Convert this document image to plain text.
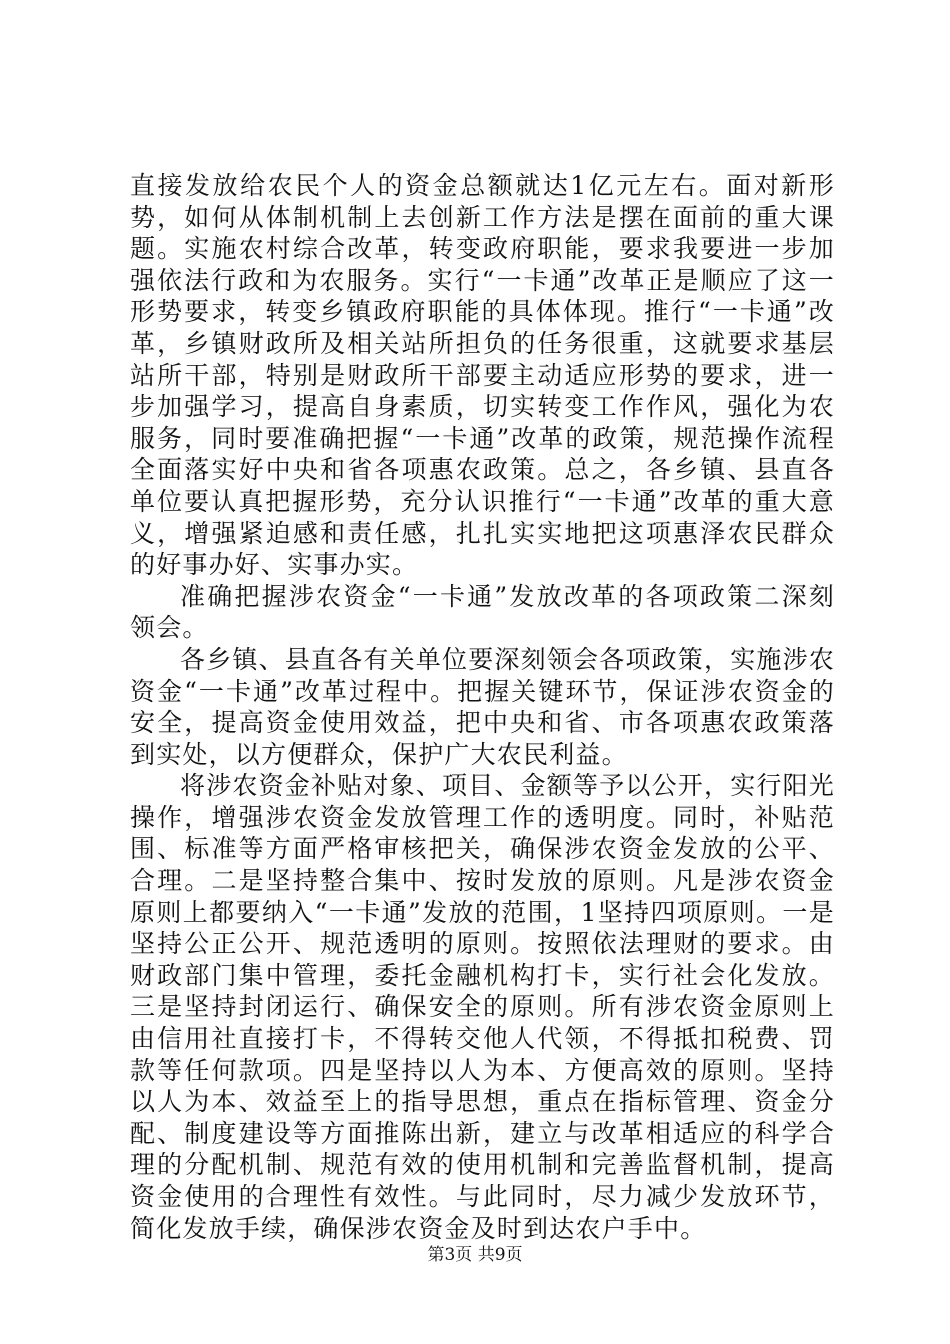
直接发放给农民个人的资金总额就达1亿元左右。面对新形势，如何从体制机制上去创新工作方法是摆在面前的重大课题。实施农村综合改革，转变政府职能，要求我要进一步加强依法行政和为农服务。实行“一卡通”改革正是顺应了这一形势要求，转变乡镇政府职能的具体体现。推行“一卡通”改革，乡镇财政所及相关站所担负的任务很重，这就要求基层站所干部，特别是财政所干部要主动适应形势的要求，进一步加强学习，提高自身素质，切实转变工作作风，强化为农服务，同时要准确把握“一卡通”改革的政策，规范操作流程全面落实好中央和省各项惠农政策。总之，各乡镇、县直各单位要认真把握形势，充分认识推行“一卡通”改革的重大意义，增强紧迫感和责任感，扎扎实实地把这项惠泽农民群众的好事办好、实事办实。

准确把握涉农资金“一卡通”发放改革的各项政策二深刻领会。

各乡镇、县直各有关单位要深刻领会各项政策，实施涉农资金“一卡通”改革过程中。把握关键环节，保证涉农资金的安全，提高资金使用效益，把中央和省、市各项惠农政策落到实处，以方便群众，保护广大农民利益。

将涉农资金补贴对象、项目、金额等予以公开，实行阳光操作，增强涉农资金发放管理工作的透明度。同时，补贴范围、标准等方面严格审核把关，确保涉农资金发放的公平、合理。二是坚持整合集中、按时发放的原则。凡是涉农资金原则上都要纳入“一卡通”发放的范围，1坚持四项原则。一是坚持公正公开、规范透明的原则。按照依法理财的要求。由财政部门集中管理，委托金融机构打卡，实行社会化发放。三是坚持封闭运行、确保安全的原则。所有涉农资金原则上由信用社直接打卡，不得转交他人代领，不得抵扣税费、罚款等任何款项。四是坚持以人为本、方便高效的原则。坚持以人为本、效益至上的指导思想，重点在指标管理、资金分配、制度建设等方面推陈出新，建立与改革相适应的科学合理的分配机制、规范有效的使用机制和完善监督机制，提高资金使用的合理性有效性。与此同时，尽力减少发放环节，简化发放手续，确保涉农资金及时到达农户手中。

第3页 共9页
